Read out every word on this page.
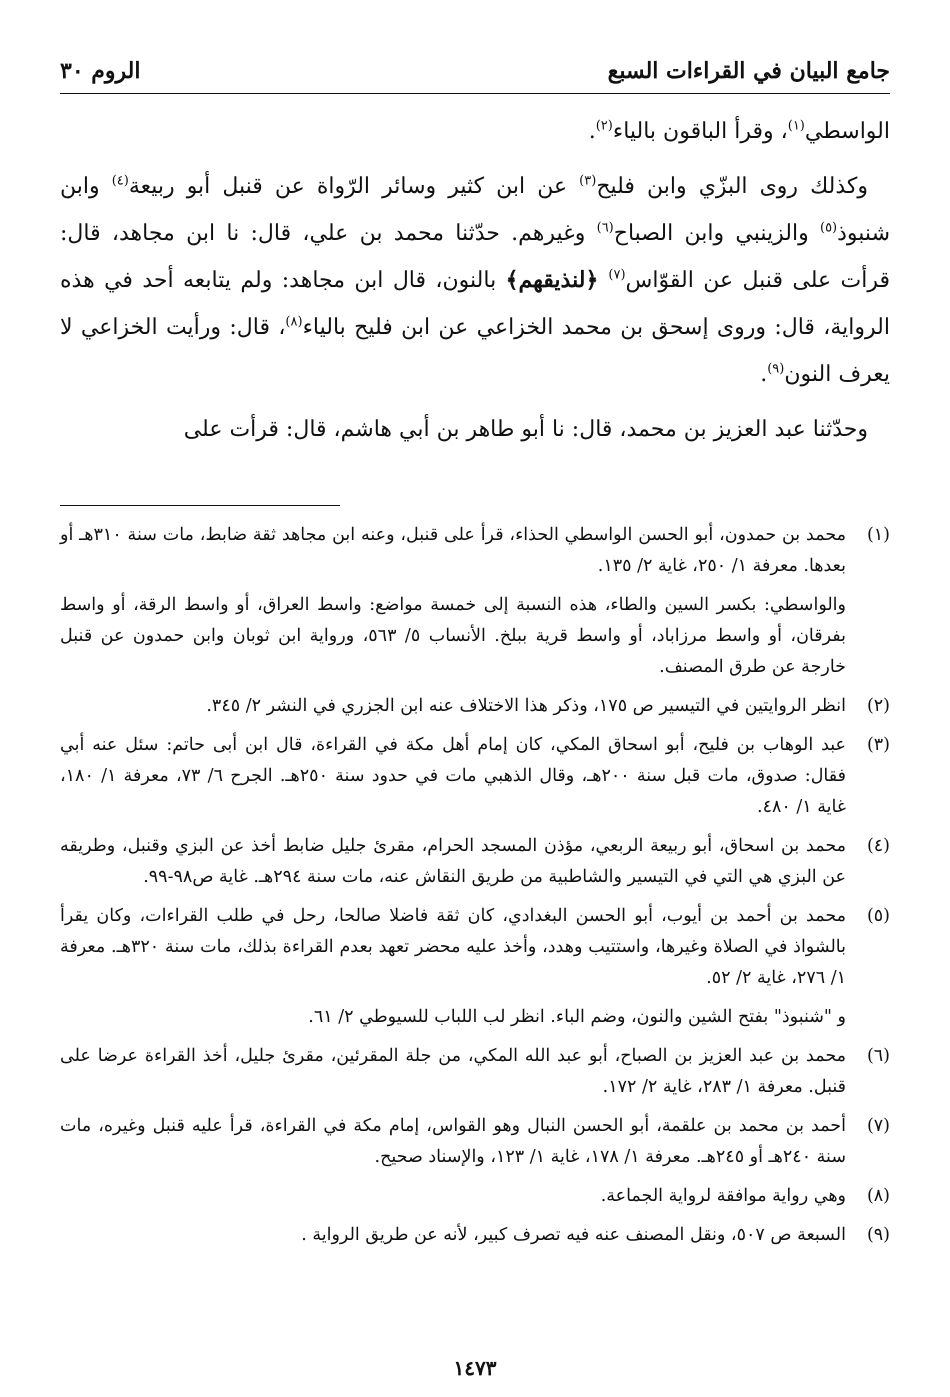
جامع البيان في القراءات السبع
الروم ٣٠

الواسطي$^{(١)}$، وقرأ الباقون بالياء$^{(٢)}$.

وكذلك روى البزّي وابن فليح$^{(٣)}$ عن ابن كثير وسائر الرّواة عن قنبل أبو ربيعة$^{(٤)}$ وابن شنبوذ$^{(٥)}$ والزينبي وابن الصباح$^{(٦)}$ وغيرهم. حدّثنا محمد بن علي، قال: نا ابن مجاهد، قال: قرأت على قنبل عن القوّاس$^{(٧)}$ ﴿لنذيقهم﴾ بالنون، قال ابن مجاهد: ولم يتابعه أحد في هذه الرواية، قال: وروى إسحق بن محمد الخزاعي عن ابن فليح بالياء$^{(٨)}$، قال: ورأيت الخزاعي لا يعرف النون$^{(٩)}$.

وحدّثنا عبد العزيز بن محمد، قال: نا أبو طاهر بن أبي هاشم، قال: قرأت على

(١)
محمد بن حمدون، أبو الحسن الواسطي الحذاء، قرأ على قنبل، وعنه ابن مجاهد ثقة ضابط، مات سنة ٣١٠هـ أو بعدها. معرفة ١/ ٢٥٠، غاية ٢/ ١٣٥.
والواسطي: بكسر السين والطاء، هذه النسبة إلى خمسة مواضع: واسط العراق، أو واسط الرقة، أو واسط بفرقان، أو واسط مرزاباد، أو واسط قرية ببلخ. الأنساب ٥/ ٥٦٣، ورواية ابن ثوبان وابن حمدون عن قنبل خارجة عن طرق المصنف.
(٢)
انظر الروايتين في التيسير ص ١٧٥، وذكر هذا الاختلاف عنه ابن الجزري في النشر ٢/ ٣٤٥.
(٣)
عبد الوهاب بن فليح، أبو اسحاق المكي، كان إمام أهل مكة في القراءة، قال ابن أبى حاتم: سئل عنه أبي فقال: صدوق، مات قبل سنة ٢٠٠هـ، وقال الذهبي مات في حدود سنة ٢٥٠هـ. الجرح ٦/ ٧٣، معرفة ١/ ١٨٠، غاية ١/ ٤٨٠.
(٤)
محمد بن اسحاق، أبو ربيعة الربعي، مؤذن المسجد الحرام، مقرئ جليل ضابط أخذ عن البزي وقنبل، وطريقه عن البزي هي التي في التيسير والشاطبية من طريق النقاش عنه، مات سنة ٢٩٤هـ. غاية ص٩٨-٩٩.
(٥)
محمد بن أحمد بن أيوب، أبو الحسن البغدادي، كان ثقة فاضلا صالحا، رحل في طلب القراءات، وكان يقرأ بالشواذ في الصلاة وغيرها، واستتيب وهدد، وأخذ عليه محضر تعهد بعدم القراءة بذلك، مات سنة ٣٢٠هـ. معرفة ١/ ٢٧٦، غاية ٢/ ٥٢.
و "شنبوذ" بفتح الشين والنون، وضم الباء. انظر لب اللباب للسيوطي ٢/ ٦١.
(٦)
محمد بن عبد العزيز بن الصباح، أبو عبد الله المكي، من جلة المقرئين، مقرئ جليل، أخذ القراءة عرضا على قنبل. معرفة ١/ ٢٨٣، غاية ٢/ ١٧٢.
(٧)
أحمد بن محمد بن علقمة، أبو الحسن النبال وهو القواس، إمام مكة في القراءة، قرأ عليه قنبل وغيره، مات سنة ٢٤٠هـ أو ٢٤٥هـ. معرفة ١/ ١٧٨، غاية ١/ ١٢٣، والإسناد صحيح.
(٨)
وهي رواية موافقة لرواية الجماعة.
(٩)
السبعة ص ٥٠٧، ونقل المصنف عنه فيه تصرف كبير، لأنه عن طريق الرواية .
١٤٧٣
